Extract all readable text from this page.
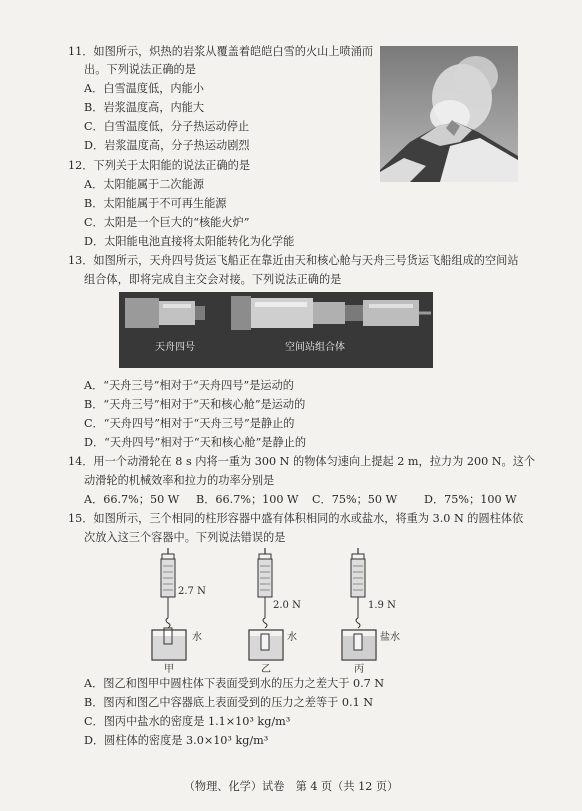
11．如图所示，炽热的岩浆从覆盖着皑皑白雪的火山上喷涌而
出。下列说法正确的是
A．白雪温度低，内能小
B．岩浆温度高，内能大
C．白雪温度低，分子热运动停止
D．岩浆温度高，分子热运动剧烈
12．下列关于太阳能的说法正确的是
A．太阳能属于二次能源
B．太阳能属于不可再生能源
C．太阳是一个巨大的“核能火炉”
D．太阳能电池直接将太阳能转化为化学能
13．如图所示，天舟四号货运飞船正在靠近由天和核心舱与天舟三号货运飞船组成的空间站
组合体，即将完成自主交会对接。下列说法正确的是
天舟四号	空间站组合体
A．“天舟三号”相对于“天舟四号”是运动的
B．“天舟三号”相对于“天和核心舱”是运动的
C．“天舟四号”相对于“天舟三号”是静止的
D．“天舟四号”相对于“天和核心舱”是静止的
14．用一个动滑轮在 8 s 内将一重为 300 N 的物体匀速向上提起 2 m，拉力为 200 N。这个
动滑轮的机械效率和拉力的功率分别是
A．66.7%；50 W B．66.7%；100 W C．75%；50 W D．75%；100 W
15．如图所示，三个相同的柱形容器中盛有体积相同的水或盐水，将重为 3.0 N 的圆柱体依
次放入这三个容器中。下列说法错误的是
2.7 N
水
甲
2.0 N
水
乙
1.9 N
盐水
丙
A．图乙和图甲中圆柱体下表面受到水的压力之差大于 0.7 N
B．图丙和图乙中容器底上表面受到的压力之差等于 0.1 N
C．图丙中盐水的密度是 1.1×10³ kg/m³
D．圆柱体的密度是 3.0×10³ kg/m³
（物理、化学）试卷　第 4 页（共 12 页）
